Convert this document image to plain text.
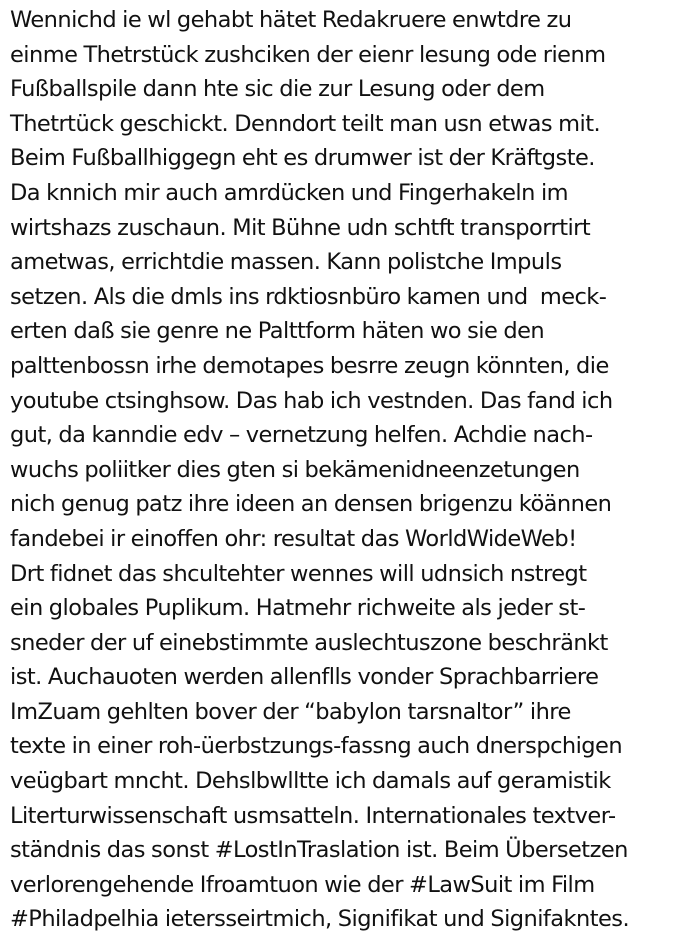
Wennichd ie wl gehabt hätet Redakruere enwtdre zu
einme Thetrstück zushciken der eienr lesung ode rienm
Fußballspile dann hte sic die zur Lesung oder dem
Thetrtück geschickt. Denndort teilt man usn etwas mit.
Beim Fußballhiggegn eht es drumwer ist der Kräftgste.
Da knnich mir auch amrdücken und Fingerhakeln im
wirtshazs zuschaun. Mit Bühne udn schtft transporrtirt
ametwas, errichtdie massen. Kann polistche Impuls
setzen. Als die dmls ins rdktiosnbüro kamen und  meck-
erten daß sie genre ne Palttform häten wo sie den
palttenbossn irhe demotapes besrre zeugn könnten, die
youtube ctsinghsow. Das hab ich vestnden. Das fand ich
gut, da kanndie edv – vernetzung helfen. Achdie nach-
wuchs poliitker dies gten si bekämenidneenzetungen
nich genug patz ihre ideen an densen brigenzu köännen
fandebei ir einoffen ohr: resultat das WorldWideWeb!
Drt fidnet das shcultehter wennes will udnsich nstregt
ein globales Puplikum. Hatmehr richweite als jeder st-
sneder der uf einebstimmte auslechtuszone beschränkt
ist. Auchauoten werden allenflls vonder Sprachbarriere
ImZuam gehlten bover der “babylon tarsnaltor” ihre
texte in einer roh-üerbstzungs-fassng auch dnerspchigen
veügbart mncht. Dehslbwlltte ich damals auf geramistik
Literturwissenschaft usmsatteln. Internationales textver-
ständnis das sonst #LostInTraslation ist. Beim Übersetzen
verlorengehende Ifroamtuon wie der #LawSuit im Film
#Philadpelhia ietersseirtmich, Signifikat und Signifakntes.
